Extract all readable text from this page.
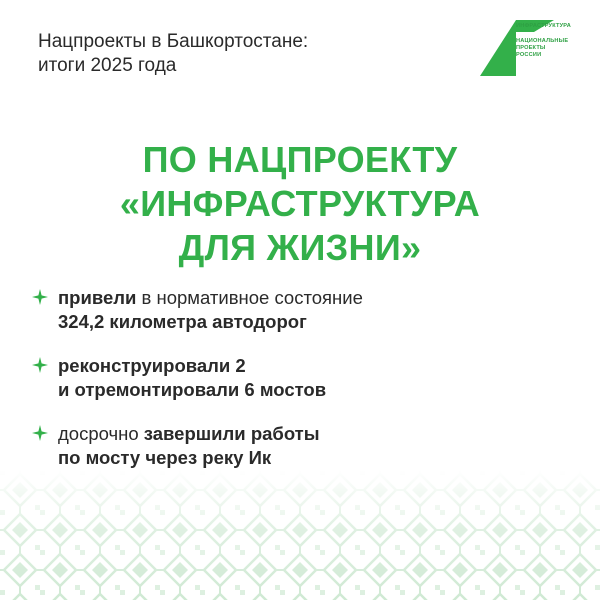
Нацпроекты в Башкортостане:
итоги 2025 года
ИНФРАСТРУКТУРА
НАЦИОНАЛЬНЫЕ
ПРОЕКТЫ
РОССИИ
ПО НАЦПРОЕКТУ
«ИНФРАСТРУКТУРА
ДЛЯ ЖИЗНИ»
привели в нормативное состояние
324,2 километра автодорог
реконструировали 2
и отремонтировали 6 мостов
досрочно завершили работы
по мосту через реку Ик
